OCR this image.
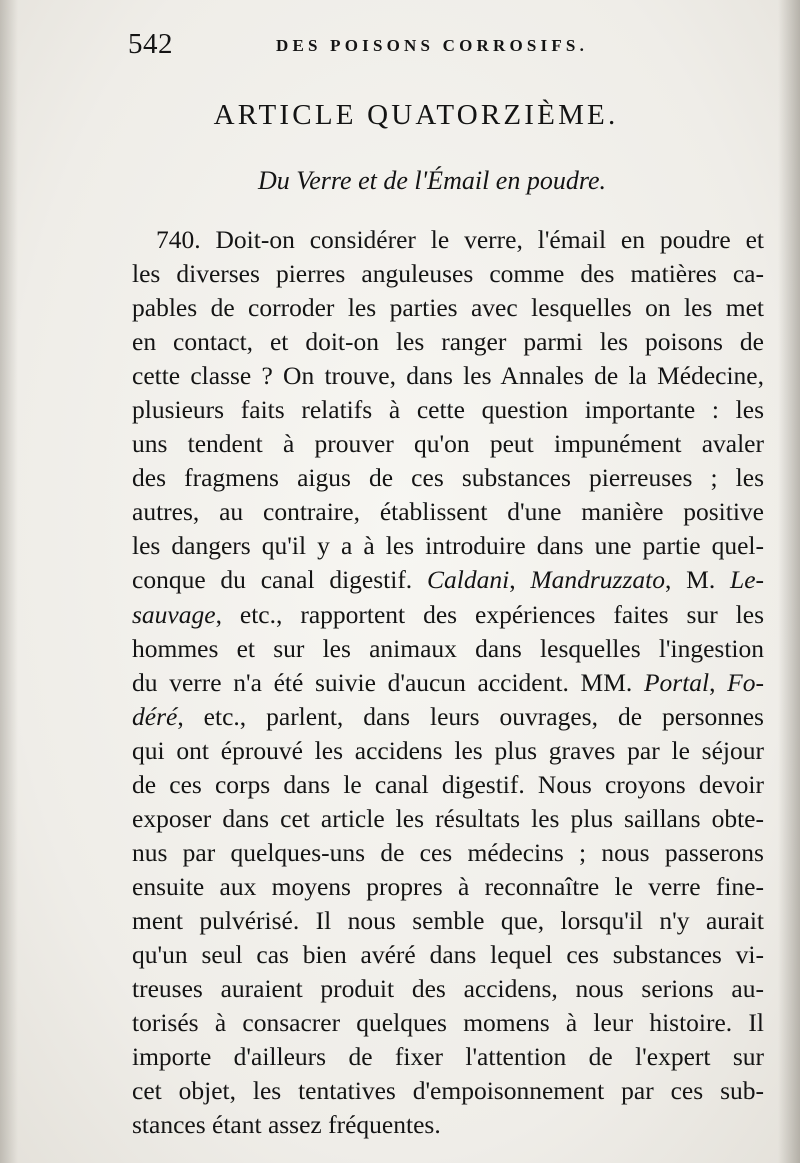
542	DES POISONS CORROSIFS.
ARTICLE QUATORZIÈME.
Du Verre et de l'Émail en poudre.
740. Doit-on considérer le verre, l'émail en poudre et
les diverses pierres anguleuses comme des matières ca-
pables de corroder les parties avec lesquelles on les met
en contact, et doit-on les ranger parmi les poisons de
cette classe ? On trouve, dans les Annales de la Médecine,
plusieurs faits relatifs à cette question importante : les
uns tendent à prouver qu'on peut impunément avaler
des fragmens aigus de ces substances pierreuses ; les
autres, au contraire, établissent d'une manière positive
les dangers qu'il y a à les introduire dans une partie quel-
conque du canal digestif. Caldani, Mandruzzato, M. Le-
sauvage, etc., rapportent des expériences faites sur les
hommes et sur les animaux dans lesquelles l'ingestion
du verre n'a été suivie d'aucun accident. MM. Portal, Fo-
déré, etc., parlent, dans leurs ouvrages, de personnes
qui ont éprouvé les accidens les plus graves par le séjour
de ces corps dans le canal digestif. Nous croyons devoir
exposer dans cet article les résultats les plus saillans obte-
nus par quelques-uns de ces médecins ; nous passerons
ensuite aux moyens propres à reconnaître le verre fine-
ment pulvérisé. Il nous semble que, lorsqu'il n'y aurait
qu'un seul cas bien avéré dans lequel ces substances vi-
treuses auraient produit des accidens, nous serions au-
torisés à consacrer quelques momens à leur histoire. Il
importe d'ailleurs de fixer l'attention de l'expert sur
cet objet, les tentatives d'empoisonnement par ces sub-
stances étant assez fréquentes.
